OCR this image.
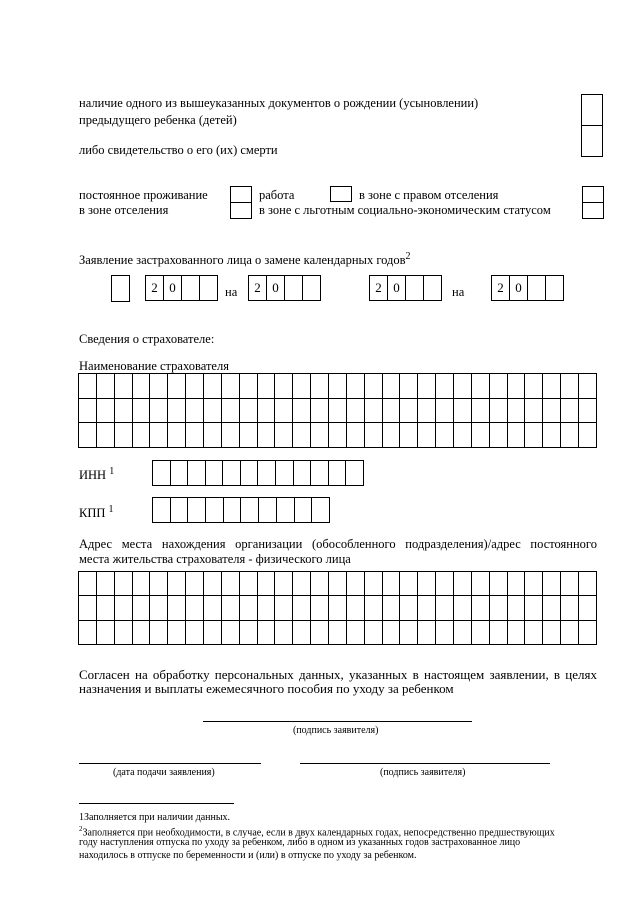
наличие одного из вышеуказанных документов о рождении (усыновлении)
предыдущего ребенка (детей)
либо свидетельство о его (их) смерти
постоянное проживание
в зоне отселения
работа	в зоне с правом отселения
в зоне с льготным социально-экономическим статусом
Заявление застрахованного лица о замене календарных годов$^2$
2 0	на	2 0	2 0	на	2 0
Сведения о страхователе:
Наименование страхователя

ИНН $^1$

КПП $^1$

Адрес места нахождения организации (обособленного подразделения)/адрес постоянного
места жительства страхователя - физического лица

Согласен на обработку персональных данных, указанных в настоящем заявлении, в целях
назначения и выплаты ежемесячного пособия по уходу за ребенком
(подпись заявителя)
(дата подачи заявления)	(подпись заявителя)
1Заполняется при наличии данных.
$^2$Заполняется при необходимости, в случае, если в двух календарных годах, непосредственно предшествующих
году наступления отпуска по уходу за ребенком, либо в одном из указанных годов застрахованное лицо
находилось в отпуске по беременности и (или) в отпуске по уходу за ребенком.
